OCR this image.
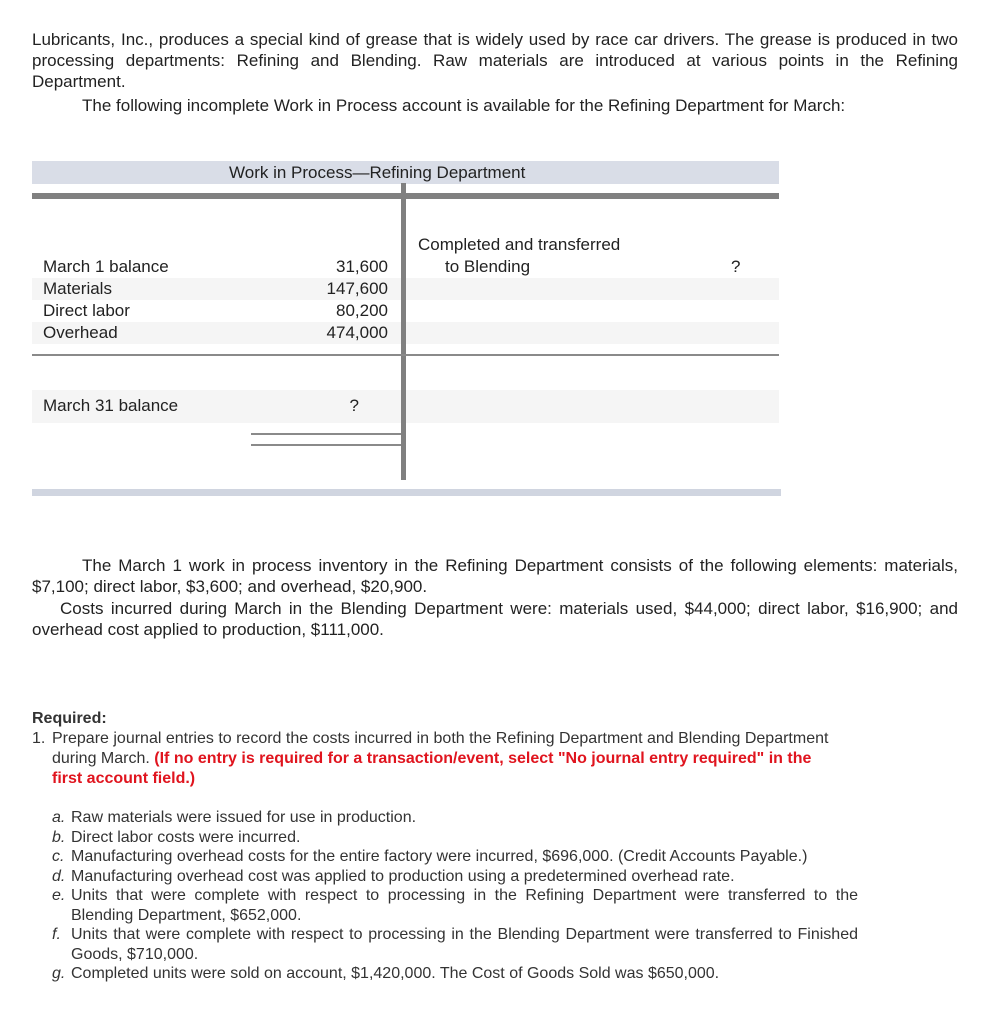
Lubricants, Inc., produces a special kind of grease that is widely used by race car drivers. The grease is produced in two processing departments: Refining and Blending. Raw materials are introduced at various points in the Refining Department.
The following incomplete Work in Process account is available for the Refining Department for March:
Work in Process—Refining Department
March 1 balance	31,600
Materials	147,600
Direct labor	80,200
Overhead	474,000
March 31 balance	?
Completed and transferred
to Blending	?
The March 1 work in process inventory in the Refining Department consists of the following elements: materials, $7,100; direct labor, $3,600; and overhead, $20,900.
Costs incurred during March in the Blending Department were: materials used, $44,000; direct labor, $16,900; and overhead cost applied to production, $111,000.
Required:
1. Prepare journal entries to record the costs incurred in both the Refining Department and Blending Department during March. (If no entry is required for a transaction/event, select "No journal entry required" in the first account field.)
a. Raw materials were issued for use in production.
b. Direct labor costs were incurred.
c. Manufacturing overhead costs for the entire factory were incurred, $696,000. (Credit Accounts Payable.)
d. Manufacturing overhead cost was applied to production using a predetermined overhead rate.
e. Units that were complete with respect to processing in the Refining Department were transferred to the Blending Department, $652,000.
f. Units that were complete with respect to processing in the Blending Department were transferred to Finished Goods, $710,000.
g. Completed units were sold on account, $1,420,000. The Cost of Goods Sold was $650,000.
